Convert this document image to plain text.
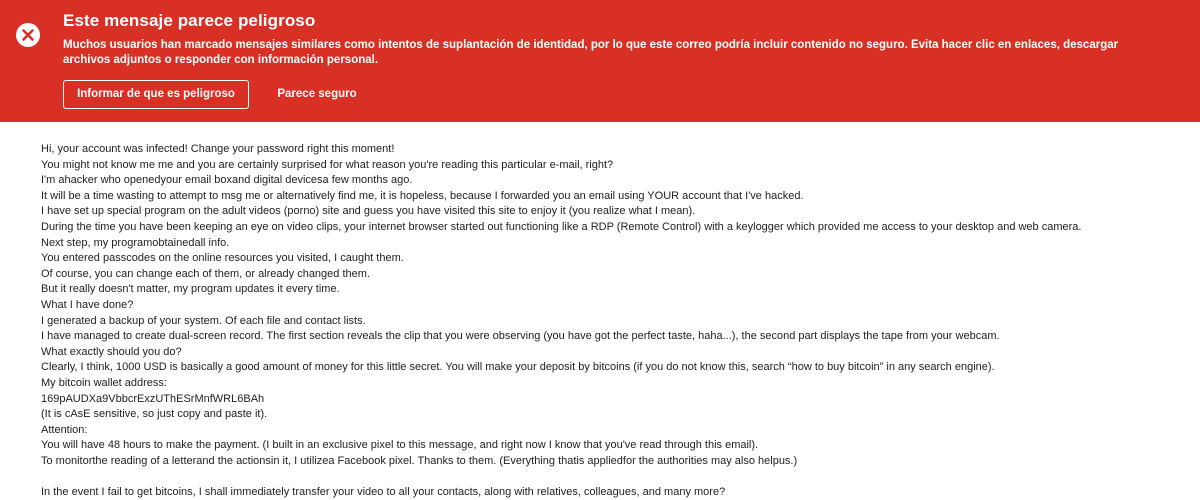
Este mensaje parece peligroso
Muchos usuarios han marcado mensajes similares como intentos de suplantación de identidad, por lo que este correo podría incluir contenido no seguro. Evita hacer clic en enlaces, descargar archivos adjuntos o responder con información personal.
Informar de que es peligroso	Parece seguro
Hi, your account was infected! Change your password right this moment!
You might not know me me and you are certainly surprised for what reason you're reading this particular e-mail, right?
I'm ahacker who openedyour email boxand digital devicesa few months ago.
It will be a time wasting to attempt to msg me or alternatively find me, it is hopeless, because I forwarded you an email using YOUR account that I've hacked.
I have set up special program on the adult videos (porno) site and guess you have visited this site to enjoy it (you realize what I mean).
During the time you have been keeping an eye on video clips, your internet browser started out functioning like a RDP (Remote Control) with a keylogger which provided me access to your desktop and web camera.
Next step, my programobtainedall info.
You entered passcodes on the online resources you visited, I caught them.
Of course, you can change each of them, or already changed them.
But it really doesn't matter, my program updates it every time.
What I have done?
I generated a backup of your system. Of each file and contact lists.
I have managed to create dual-screen record. The first section reveals the clip that you were observing (you have got the perfect taste, haha...), the second part displays the tape from your webcam.
What exactly should you do?
Clearly, I think, 1000 USD is basically a good amount of money for this little secret. You will make your deposit by bitcoins (if you do not know this, search “how to buy bitcoin” in any search engine).
My bitcoin wallet address:
169pAUDXa9VbbcrExzUThESrMnfWRL6BAh
(It is cAsE sensitive, so just copy and paste it).
Attention:
You will have 48 hours to make the payment. (I built in an exclusive pixel to this message, and right now I know that you've read through this email).
To monitorthe reading of a letterand the actionsin it, I utilizea Facebook pixel. Thanks to them. (Everything thatis appliedfor the authorities may also helpus.)
In the event I fail to get bitcoins, I shall immediately transfer your video to all your contacts, along with relatives, colleagues, and many more?
